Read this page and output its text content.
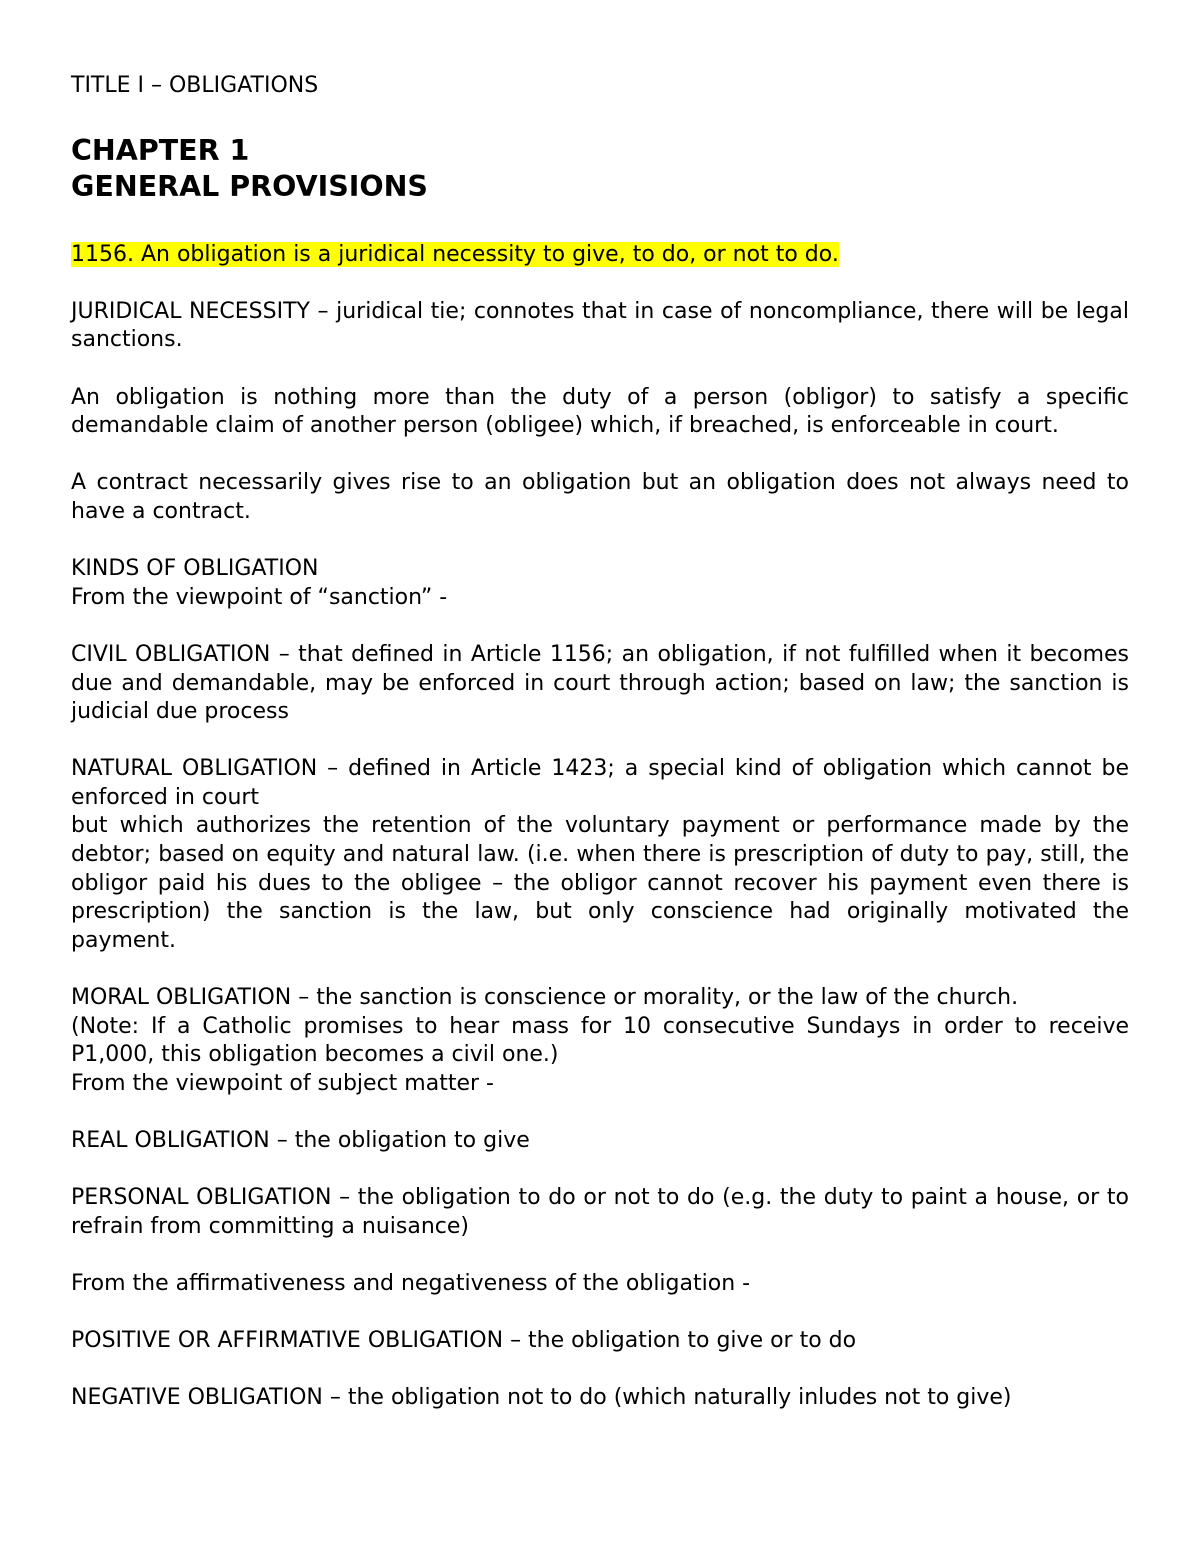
TITLE I – OBLIGATIONS

CHAPTER 1

GENERAL PROVISIONS

1156. An obligation is a juridical necessity to give, to do, or not to do.

JURIDICAL NECESSITY – juridical tie; connotes that in case of noncompliance, there will be legal sanctions.

An obligation is nothing more than the duty of a person (obligor) to satisfy a specific demandable claim of another person (obligee) which, if breached, is enforceable in court.

A contract necessarily gives rise to an obligation but an obligation does not always need to have a contract.

KINDS OF OBLIGATION

From the viewpoint of “sanction” -

CIVIL OBLIGATION – that defined in Article 1156; an obligation, if not fulfilled when it becomes due and demandable, may be enforced in court through action; based on law; the sanction is judicial due process

NATURAL OBLIGATION – defined in Article 1423; a special kind of obligation which cannot be enforced in court

but which authorizes the retention of the voluntary payment or performance made by the debtor; based on equity and natural law. (i.e. when there is prescription of duty to pay, still, the obligor paid his dues to the obligee – the obligor cannot recover his payment even there is prescription) the sanction is the law, but only conscience had originally motivated the payment.

MORAL OBLIGATION – the sanction is conscience or morality, or the law of the church.

(Note: If a Catholic promises to hear mass for 10 consecutive Sundays in order to receive P1,000, this obligation becomes a civil one.)

From the viewpoint of subject matter -

REAL OBLIGATION – the obligation to give

PERSONAL OBLIGATION – the obligation to do or not to do (e.g. the duty to paint a house, or to refrain from committing a nuisance)

From the affirmativeness and negativeness of the obligation -

POSITIVE OR AFFIRMATIVE OBLIGATION – the obligation to give or to do

NEGATIVE OBLIGATION – the obligation not to do (which naturally inludes not to give)
